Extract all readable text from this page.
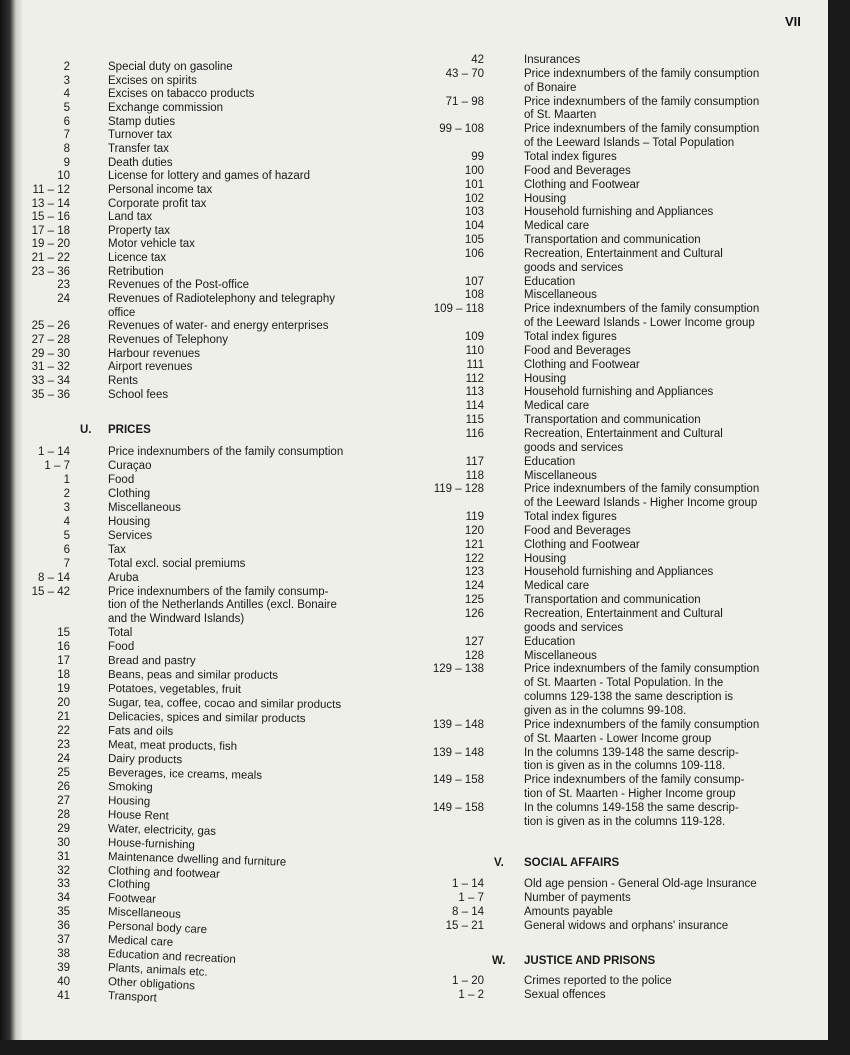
VII
2	Special duty on gasoline
3	Excises on spirits
4	Excises on tabacco products
5	Exchange commission
6	Stamp duties
7	Turnover tax
8	Transfer tax
9	Death duties
10	License for lottery and games of hazard
11 – 12	Personal income tax
13 – 14	Corporate profit tax
15 – 16	Land tax
17 – 18	Property tax
19 – 20	Motor vehicle tax
21 – 22	Licence tax
23 – 36	Retribution
23	Revenues of the Post-office
24	Revenues of Radiotelephony and telegraphy
office
25 – 26	Revenues of water- and energy enterprises
27 – 28	Revenues of Telephony
29 – 30	Harbour revenues
31 – 32	Airport revenues
33 – 34	Rents
35 – 36	School fees
U. PRICES
1 – 14	Price indexnumbers of the family consumption
1 – 7	Curaçao
1	Food
2	Clothing
3	Miscellaneous
4	Housing
5	Services
6	Tax
7	Total excl. social premiums
8 – 14	Aruba
15 – 42	Price indexnumbers of the family consump-
tion of the Netherlands Antilles (excl. Bonaire
and the Windward Islands)
15	Total
16	Food
17	Bread and pastry
18	Beans, peas and similar products
19	Potatoes, vegetables, fruit
20	Sugar, tea, coffee, cocao and similar products
21	Delicacies, spices and similar products
22	Fats and oils
23	Meat, meat products, fish
24	Dairy products
25	Beverages, ice creams, meals
26	Smoking
27	Housing
28	House Rent
29	Water, electricity, gas
30	House-furnishing
31	Maintenance dwelling and furniture
32	Clothing and footwear
33	Clothing
34	Footwear
35	Miscellaneous
36	Personal body care
37	Medical care
38	Education and recreation
39	Plants, animals etc.
40	Other obligations
41	Transport
42	Insurances
43 – 70	Price indexnumbers of the family consumption
of Bonaire
71 – 98	Price indexnumbers of the family consumption
of St. Maarten
99 – 108	Price indexnumbers of the family consumption
of the Leeward Islands – Total Population
99	Total index figures
100	Food and Beverages
101	Clothing and Footwear
102	Housing
103	Household furnishing and Appliances
104	Medical care
105	Transportation and communication
106	Recreation, Entertainment and Cultural
goods and services
107	Education
108	Miscellaneous
109 – 118	Price indexnumbers of the family consumption
of the Leeward Islands - Lower Income group
109	Total index figures
110	Food and Beverages
111	Clothing and Footwear
112	Housing
113	Household furnishing and Appliances
114	Medical care
115	Transportation and communication
116	Recreation, Entertainment and Cultural
goods and services
117	Education
118	Miscellaneous
119 – 128	Price indexnumbers of the family consumption
of the Leeward Islands - Higher Income group
119	Total index figures
120	Food and Beverages
121	Clothing and Footwear
122	Housing
123	Household furnishing and Appliances
124	Medical care
125	Transportation and communication
126	Recreation, Entertainment and Cultural
goods and services
127	Education
128	Miscellaneous
129 – 138	Price indexnumbers of the family consumption
of St. Maarten - Total Population. In the
columns 129-138 the same description is
given as in the columns 99-108.
139 – 148	Price indexnumbers of the family consumption
of St. Maarten - Lower Income group
139 – 148	In the columns 139-148 the same descrip-
tion is given as in the columns 109-118.
149 – 158	Price indexnumbers of the family consump-
tion of St. Maarten - Higher Income group
149 – 158	In the columns 149-158 the same descrip-
tion is given as in the columns 119-128.
V. SOCIAL AFFAIRS
1 – 14	Old age pension - General Old-age Insurance
1 – 7	Number of payments
8 – 14	Amounts payable
15 – 21	General widows and orphans' insurance
W. JUSTICE AND PRISONS
1 – 20	Crimes reported to the police
1 – 2	Sexual offences
